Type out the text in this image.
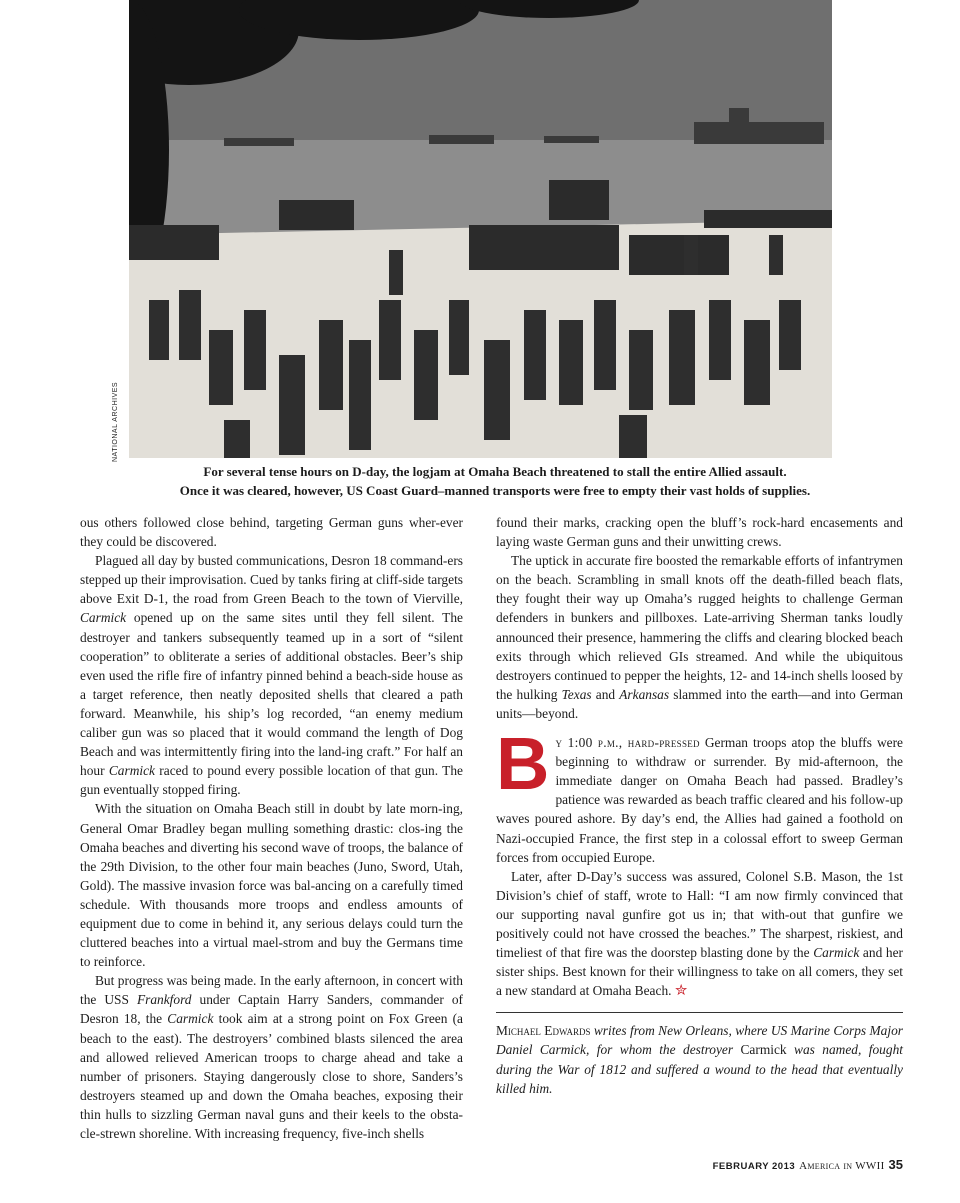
NATIONAL ARCHIVES
For several tense hours on D-day, the logjam at Omaha Beach threatened to stall the entire Allied assault.
Once it was cleared, however, US Coast Guard–manned transports were free to empty their vast holds of supplies.

ous others followed close behind, targeting German guns wher-ever they could be discovered.

Plagued all day by busted communications, Desron 18 command-ers stepped up their improvisation. Cued by tanks firing at cliff-side targets above Exit D-1, the road from Green Beach to the town of Vierville, Carmick opened up on the same sites until they fell silent. The destroyer and tankers subsequently teamed up in a sort of “silent cooperation” to obliterate a series of additional obstacles. Beer’s ship even used the rifle fire of infantry pinned behind a beach-side house as a target reference, then neatly deposited shells that cleared a path forward. Meanwhile, his ship’s log recorded, “an enemy medium caliber gun was so placed that it would command the length of Dog Beach and was intermittently firing into the land-ing craft.” For half an hour Carmick raced to pound every possible location of that gun. The gun eventually stopped firing.

With the situation on Omaha Beach still in doubt by late morn-ing, General Omar Bradley began mulling something drastic: clos-ing the Omaha beaches and diverting his second wave of troops, the balance of the 29th Division, to the other four main beaches (Juno, Sword, Utah, Gold). The massive invasion force was bal-ancing on a carefully timed schedule. With thousands more troops and endless amounts of equipment due to come in behind it, any serious delays could turn the cluttered beaches into a virtual mael-strom and buy the Germans time to reinforce.

But progress was being made. In the early afternoon, in concert with the USS Frankford under Captain Harry Sanders, commander of Desron 18, the Carmick took aim at a strong point on Fox Green (a beach to the east). The destroyers’ combined blasts silenced the area and allowed relieved American troops to charge ahead and take a number of prisoners. Staying dangerously close to shore, Sanders’s destroyers steamed up and down the Omaha beaches, exposing their thin hulls to sizzling German naval guns and their keels to the obsta-cle-strewn shoreline. With increasing frequency, five-inch shells

found their marks, cracking open the bluff’s rock-hard encasements and laying waste German guns and their unwitting crews.

The uptick in accurate fire boosted the remarkable efforts of infantrymen on the beach. Scrambling in small knots off the death-filled beach flats, they fought their way up Omaha’s rugged heights to challenge German defenders in bunkers and pillboxes. Late-arriving Sherman tanks loudly announced their presence, hammering the cliffs and clearing blocked beach exits through which relieved GIs streamed. And while the ubiquitous destroyers continued to pepper the heights, 12- and 14-inch shells loosed by the hulking Texas and Arkansas slammed into the earth—and into German units—beyond.

B y 1:00 p.m., hard-pressed German troops atop the bluffs were beginning to withdraw or surrender. By mid-afternoon, the immediate danger on Omaha Beach had passed. Bradley’s patience was rewarded as beach traffic cleared and his follow-up waves poured ashore. By day’s end, the Allies had gained a foothold on Nazi-occupied France, the first step in a colossal effort to sweep German forces from occupied Europe.

Later, after D-Day’s success was assured, Colonel S.B. Mason, the 1st Division’s chief of staff, wrote to Hall: “I am now firmly convinced that our supporting naval gunfire got us in; that with-out that gunfire we positively could not have crossed the beaches.” The sharpest, riskiest, and timeliest of that fire was the doorstep blasting done by the Carmick and her sister ships. Best known for their willingness to take on all comers, they set a new standard at Omaha Beach. ✮

Michael Edwards writes from New Orleans, where US Marine Corps Major Daniel Carmick, for whom the destroyer Carmick was named, fought during the War of 1812 and suffered a wound to the head that eventually killed him.

FEBRUARY 2013 America in WWII 35
